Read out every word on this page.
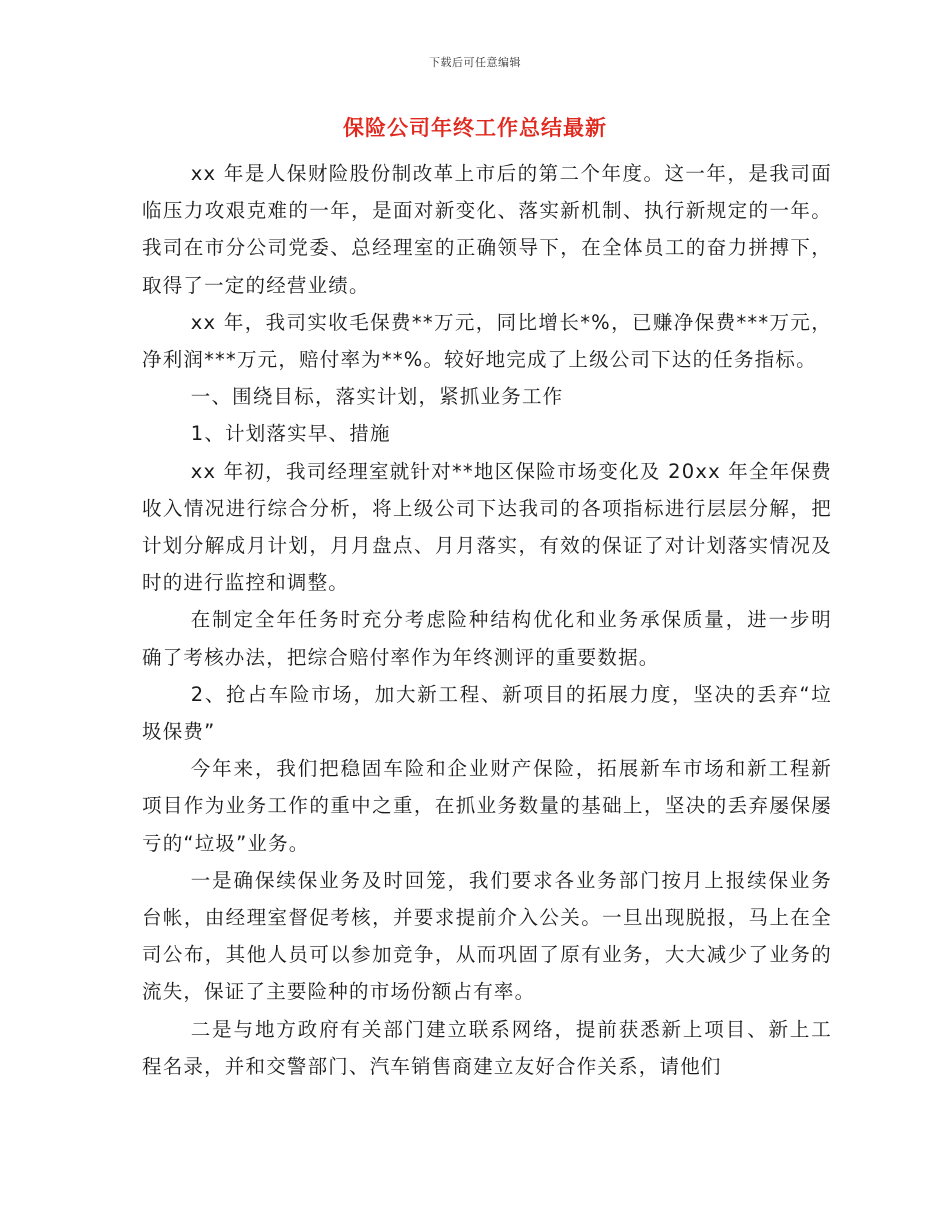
下载后可任意编辑
保险公司年终工作总结最新

xx 年是人保财险股份制改革上市后的第二个年度。这一年，是我司面临压力攻艰克难的一年，是面对新变化、落实新机制、执行新规定的一年。我司在市分公司党委、总经理室的正确领导下，在全体员工的奋力拼搏下，取得了一定的经营业绩。

xx 年，我司实收毛保费**万元，同比增长*%，已赚净保费***万元，净利润***万元，赔付率为**%。较好地完成了上级公司下达的任务指标。

一、围绕目标，落实计划，紧抓业务工作

1、计划落实早、措施

xx 年初，我司经理室就针对**地区保险市场变化及 20xx 年全年保费收入情况进行综合分析，将上级公司下达我司的各项指标进行层层分解，把计划分解成月计划，月月盘点、月月落实，有效的保证了对计划落实情况及时的进行监控和调整。

在制定全年任务时充分考虑险种结构优化和业务承保质量，进一步明确了考核办法，把综合赔付率作为年终测评的重要数据。

2、抢占车险市场，加大新工程、新项目的拓展力度，坚决的丢弃“垃圾保费”

今年来，我们把稳固车险和企业财产保险，拓展新车市场和新工程新项目作为业务工作的重中之重，在抓业务数量的基础上，坚决的丢弃屡保屡亏的“垃圾”业务。

一是确保续保业务及时回笼，我们要求各业务部门按月上报续保业务台帐，由经理室督促考核，并要求提前介入公关。一旦出现脱报，马上在全司公布，其他人员可以参加竞争，从而巩固了原有业务，大大减少了业务的流失，保证了主要险种的市场份额占有率。

二是与地方政府有关部门建立联系网络，提前获悉新上项目、新上工程名录，并和交警部门、汽车销售商建立友好合作关系，请他们
